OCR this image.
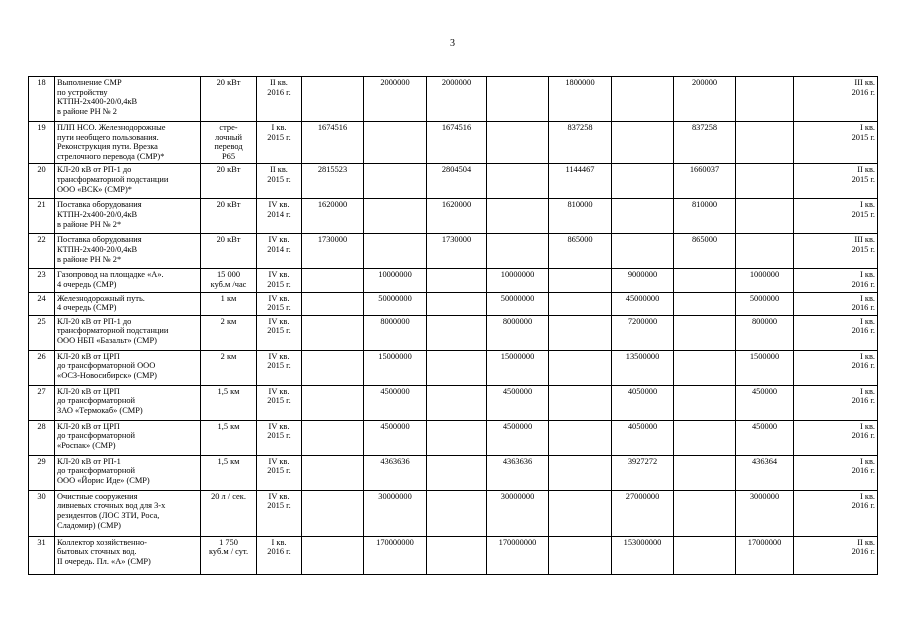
3
18	Выполнение СМР
по устройству
КТПН-2х400-20/0,4кВ
в районе РН № 2	20 кВт	II кв.
2016 г.		2000000	2000000		1800000		200000		III кв.
2016 г.

19	ПЛП НСО. Железнодорожные
пути необщего пользования.
Реконструкция пути. Врезка
стрелочного перевода (СМР)*	стре-
лочный
перевод
Р65	I кв.
2015 г.	1674516		1674516		837258		837258		I кв.
2015 г.

20	КЛ-20 кВ от РП-1 до
трансформаторной подстанции
ООО «ВСК» (СМР)*	20 кВт	II кв.
2015 г.	2815523		2804504		1144467		1660037		II кв.
2015 г.

21	Поставка оборудования
КТПН-2х400-20/0,4кВ
в районе РН № 2*	20 кВт	IV кв.
2014 г.	1620000		1620000		810000		810000		I кв.
2015 г.

22	Поставка оборудования
КТПН-2х400-20/0,4кВ
в районе РН № 2*	20 кВт	IV кв.
2014 г.	1730000		1730000		865000		865000		III кв.
2015 г.

23	Газопровод на площадке «А».
4 очередь (СМР)	15 000
куб.м /час	IV кв.
2015 г.		10000000		10000000		9000000		1000000	I кв.
2016 г.

24	Железнодорожный путь.
4 очередь (СМР)	1 км	IV кв.
2015 г.		50000000		50000000		45000000		5000000	I кв.
2016 г.

25	КЛ-20 кВ от РП-1 до
трансформаторной подстанции
ООО НБП «Базальт» (СМР)	2 км	IV кв.
2015 г.		8000000		8000000		7200000		800000	I кв.
2016 г.

26	КЛ-20 кВ от ЦРП
до трансформаторной ООО
«ОСЗ-Новосибирск» (СМР)	2 км	IV кв.
2015 г.		15000000		15000000		13500000		1500000	I кв.
2016 г.

27	КЛ-20 кВ от ЦРП
до трансформаторной
ЗАО «Термокаб» (СМР)	1,5 км	IV кв.
2015 г.		4500000		4500000		4050000		450000	I кв.
2016 г.

28	КЛ-20 кВ от ЦРП
до трансформаторной
«Роспак» (СМР)	1,5 км	IV кв.
2015 г.		4500000		4500000		4050000		450000	I кв.
2016 г.

29	КЛ-20 кВ от РП-1
до трансформаторной
ООО «Йорис Иде» (СМР)	1,5 км	IV кв.
2015 г.		4363636		4363636		3927272		436364	I кв.
2016 г.

30	Очистные сооружения
ливневых сточных вод для 3-х
резидентов (ЛОС ЗТИ, Роса,
Сладомир) (СМР)	20 л / сек.	IV кв.
2015 г.		30000000		30000000		27000000		3000000	I кв.
2016 г.

31	Коллектор хозяйственно-
бытовых сточных вод.
II очередь. Пл. «А» (СМР)	1 750
куб.м / сут.	I кв.
2016 г.		170000000		170000000		153000000		17000000	II кв.
2016 г.
